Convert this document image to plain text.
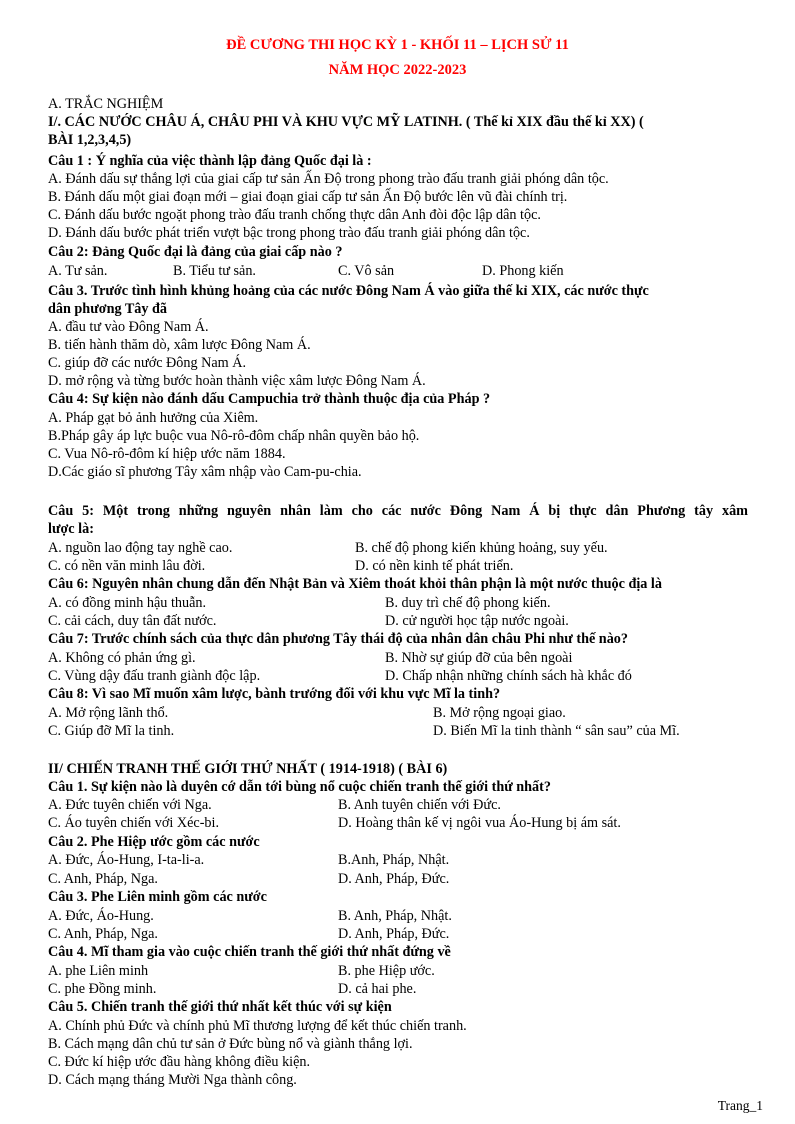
ĐỀ CƯƠNG THI HỌC KỲ 1 - KHỐI 11 – LỊCH SỬ 11
NĂM HỌC 2022-2023
A. TRẮC NGHIỆM
I/. CÁC NƯỚC CHÂU Á, CHÂU PHI VÀ KHU VỰC MỸ LATINH. ( Thế kỉ XIX đầu thế kỉ XX) (
BÀI 1,2,3,4,5)
Câu 1 : Ý nghĩa của việc thành lập đảng Quốc đại là :
A. Đánh dấu sự thắng lợi của giai cấp tư sản Ấn Độ trong phong trào đấu tranh giải phóng dân tộc.
B. Đánh dấu một giai đoạn mới – giai đoạn giai cấp tư sản Ấn Độ bước lên vũ đài chính trị.
C. Đánh dấu bước ngoặt phong trào đấu tranh chống thực dân Anh đòi độc lập dân tộc.
D. Đánh dấu bước phát triển vượt bậc trong phong trào đấu tranh giải phóng dân tộc.
Câu 2: Đảng Quốc đại là đảng của giai cấp nào ?
A. Tư sản.	B. Tiểu tư sản.	C. Vô sản	D. Phong kiến
Câu 3. Trước tình hình khủng hoảng của các nước Đông Nam Á vào giữa thế kỉ XIX, các nước thực
dân phương Tây đã
A. đầu tư vào Đông Nam Á.
B. tiến hành thăm dò, xâm lược Đông Nam Á.
C. giúp đỡ các nước Đông Nam Á.
D. mở rộng và từng bước hoàn thành việc xâm lược Đông Nam Á.
Câu 4: Sự kiện nào đánh dấu Campuchia trở thành thuộc địa của Pháp ?
A. Pháp gạt bỏ ảnh hưởng của Xiêm.
B.Pháp gây áp lực buộc vua Nô-rô-đôm chấp nhân quyền bảo hộ.
C. Vua Nô-rô-đôm kí hiệp ước năm 1884.
D.Các giáo sĩ phương Tây xâm nhập vào Cam-pu-chia.
Câu 5: Một trong những nguyên nhân làm cho các nước Đông Nam Á bị thực dân Phương tây xâm
lược là:
A. nguồn lao động tay nghề cao.	B. chế độ phong kiến khủng hoảng, suy yếu.
C. có nền văn minh lâu đời.	D. có nền kinh tế phát triển.
Câu 6: Nguyên nhân chung dẫn đến Nhật Bản và Xiêm thoát khỏi thân phận là một nước thuộc địa là
A. có đồng minh hậu thuẫn.	B. duy trì chế độ phong kiến.
C. cải cách, duy tân đất nước.	D. cử người học tập nước ngoài.
Câu 7: Trước chính sách của thực dân phương Tây thái độ của nhân dân châu Phi như thế nào?
A. Không có phản ứng gì.	B. Nhờ sự giúp đỡ của bên ngoài
C. Vùng dậy đấu tranh giành độc lập.	D. Chấp nhận những chính sách hà khắc đó
Câu 8: Vì sao Mĩ muốn xâm lược, bành trướng đối với khu vực Mĩ la tinh?
A. Mở rộng lãnh thổ.	B. Mở rộng ngoại giao.
C. Giúp đỡ Mĩ la tinh.	D. Biến Mĩ la tinh thành “ sân sau” của Mĩ.
II/ CHIẾN TRANH THẾ GIỚI THỨ NHẤT ( 1914-1918) ( BÀI 6)
Câu 1. Sự kiện nào là duyên cớ dẫn tới bùng nổ cuộc chiến tranh thế giới thứ nhất?
A. Đức tuyên chiến với Nga.	B. Anh tuyên chiến với Đức.
C. Áo tuyên chiến với Xéc-bi.	D. Hoàng thân kế vị ngôi vua Áo-Hung bị ám sát.
Câu 2. Phe Hiệp ước gồm các nước
A. Đức, Áo-Hung, I-ta-li-a.	B.Anh, Pháp, Nhật.
C. Anh, Pháp, Nga.	D. Anh, Pháp, Đức.
Câu 3. Phe Liên minh gồm các nước
A. Đức, Áo-Hung.	B. Anh, Pháp, Nhật.
C. Anh, Pháp, Nga.	D. Anh, Pháp, Đức.
Câu 4. Mĩ tham gia vào cuộc chiến tranh thế giới thứ nhất đứng về
A. phe Liên minh	B. phe Hiệp ước.
C. phe Đồng minh.	D. cả hai phe.
Câu 5. Chiến tranh thế giới thứ nhất kết thúc với sự kiện
A. Chính phủ Đức và chính phủ Mĩ thương lượng để kết thúc chiến tranh.
B. Cách mạng dân chủ tư sản ở Đức bùng nổ và giành thắng lợi.
C. Đức kí hiệp ước đầu hàng không điều kiện.
D. Cách mạng tháng Mười Nga thành công.
Trang_1
